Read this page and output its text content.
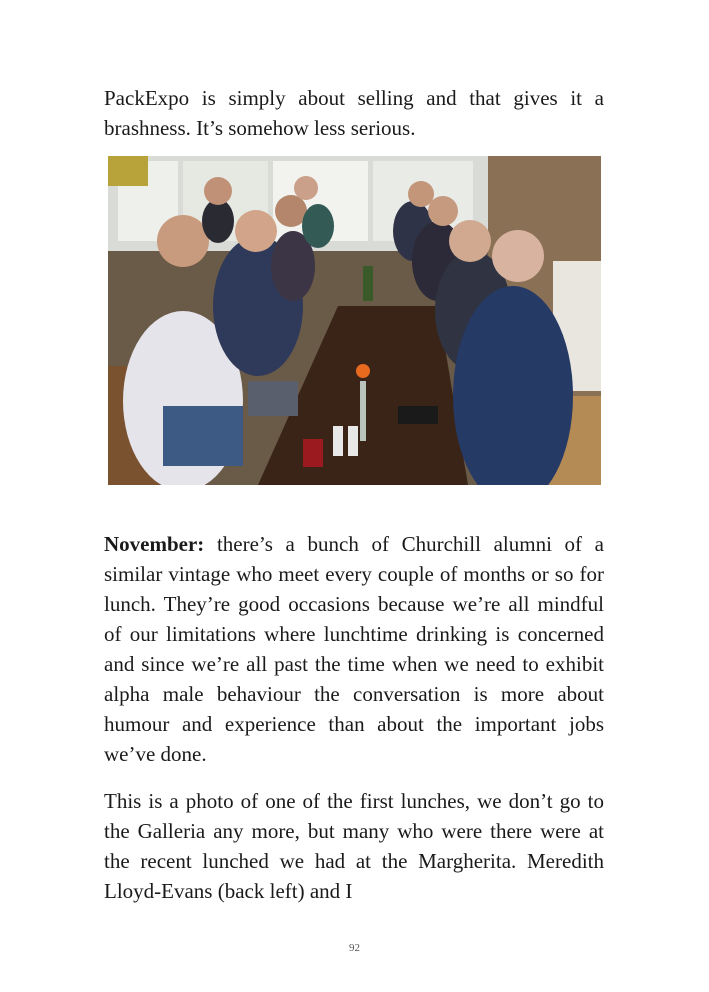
PackExpo is simply about selling and that gives it a brashness. It’s somehow less serious.

November: there’s a bunch of Churchill alumni of a similar vintage who meet every couple of months or so for lunch. They’re good occasions because we’re all mindful of our limitations where lunchtime drinking is concerned and since we’re all past the time when we need to exhibit alpha male behaviour the conversation is more about humour and experience than about the important jobs we’ve done.

This is a photo of one of the first lunches, we don’t go to the Galleria any more, but many who were there were at the recent lunched we had at the Margherita. Meredith Lloyd-Evans (back left) and I

92
